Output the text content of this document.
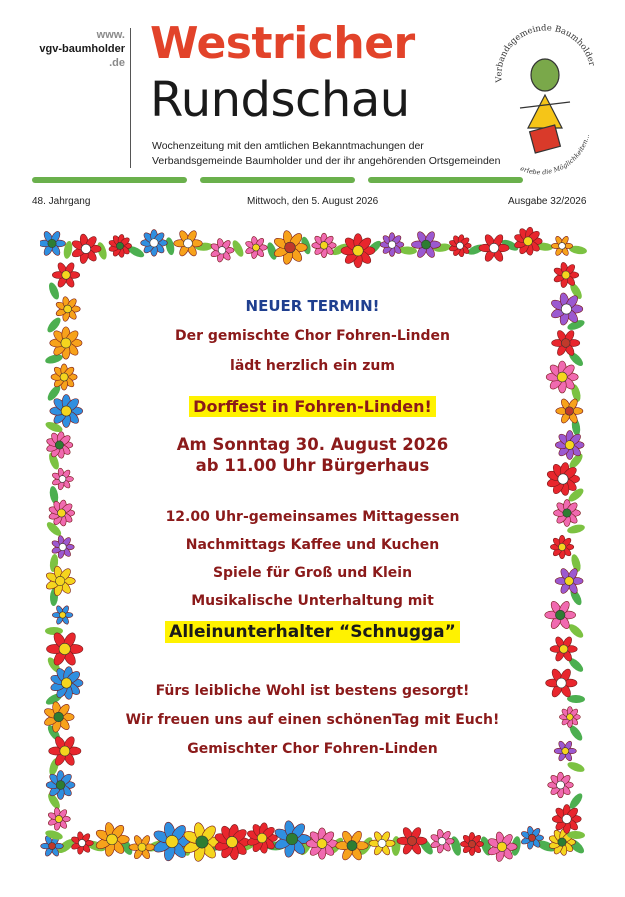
www.
vgv-baumholder
.de Westricher
Rundschau
Wochenzeitung mit den amtlichen Bekanntmachungen der
Verbandsgemeinde Baumholder und der ihr angehörenden Ortsgemeinden
Verbandsgemeinde Baumholder
erlebe die Möglichkeiten...
48. Jahrgang	Mittwoch, den 5. August 2026	Ausgabe 32/2026
NEUER TERMIN!
Der gemischte Chor Fohren-Linden
lädt herzlich ein zum
Dorffest in Fohren-Linden!
Am Sonntag 30. August 2026
ab 11.00 Uhr Bürgerhaus
12.00 Uhr-gemeinsames Mittagessen
Nachmittags Kaffee und Kuchen
Spiele für Groß und Klein
Musikalische Unterhaltung mit
Alleinunterhalter “Schnugga”
Fürs leibliche Wohl ist bestens gesorgt!
Wir freuen uns auf einen schönenTag mit Euch!
Gemischter Chor Fohren-Linden
